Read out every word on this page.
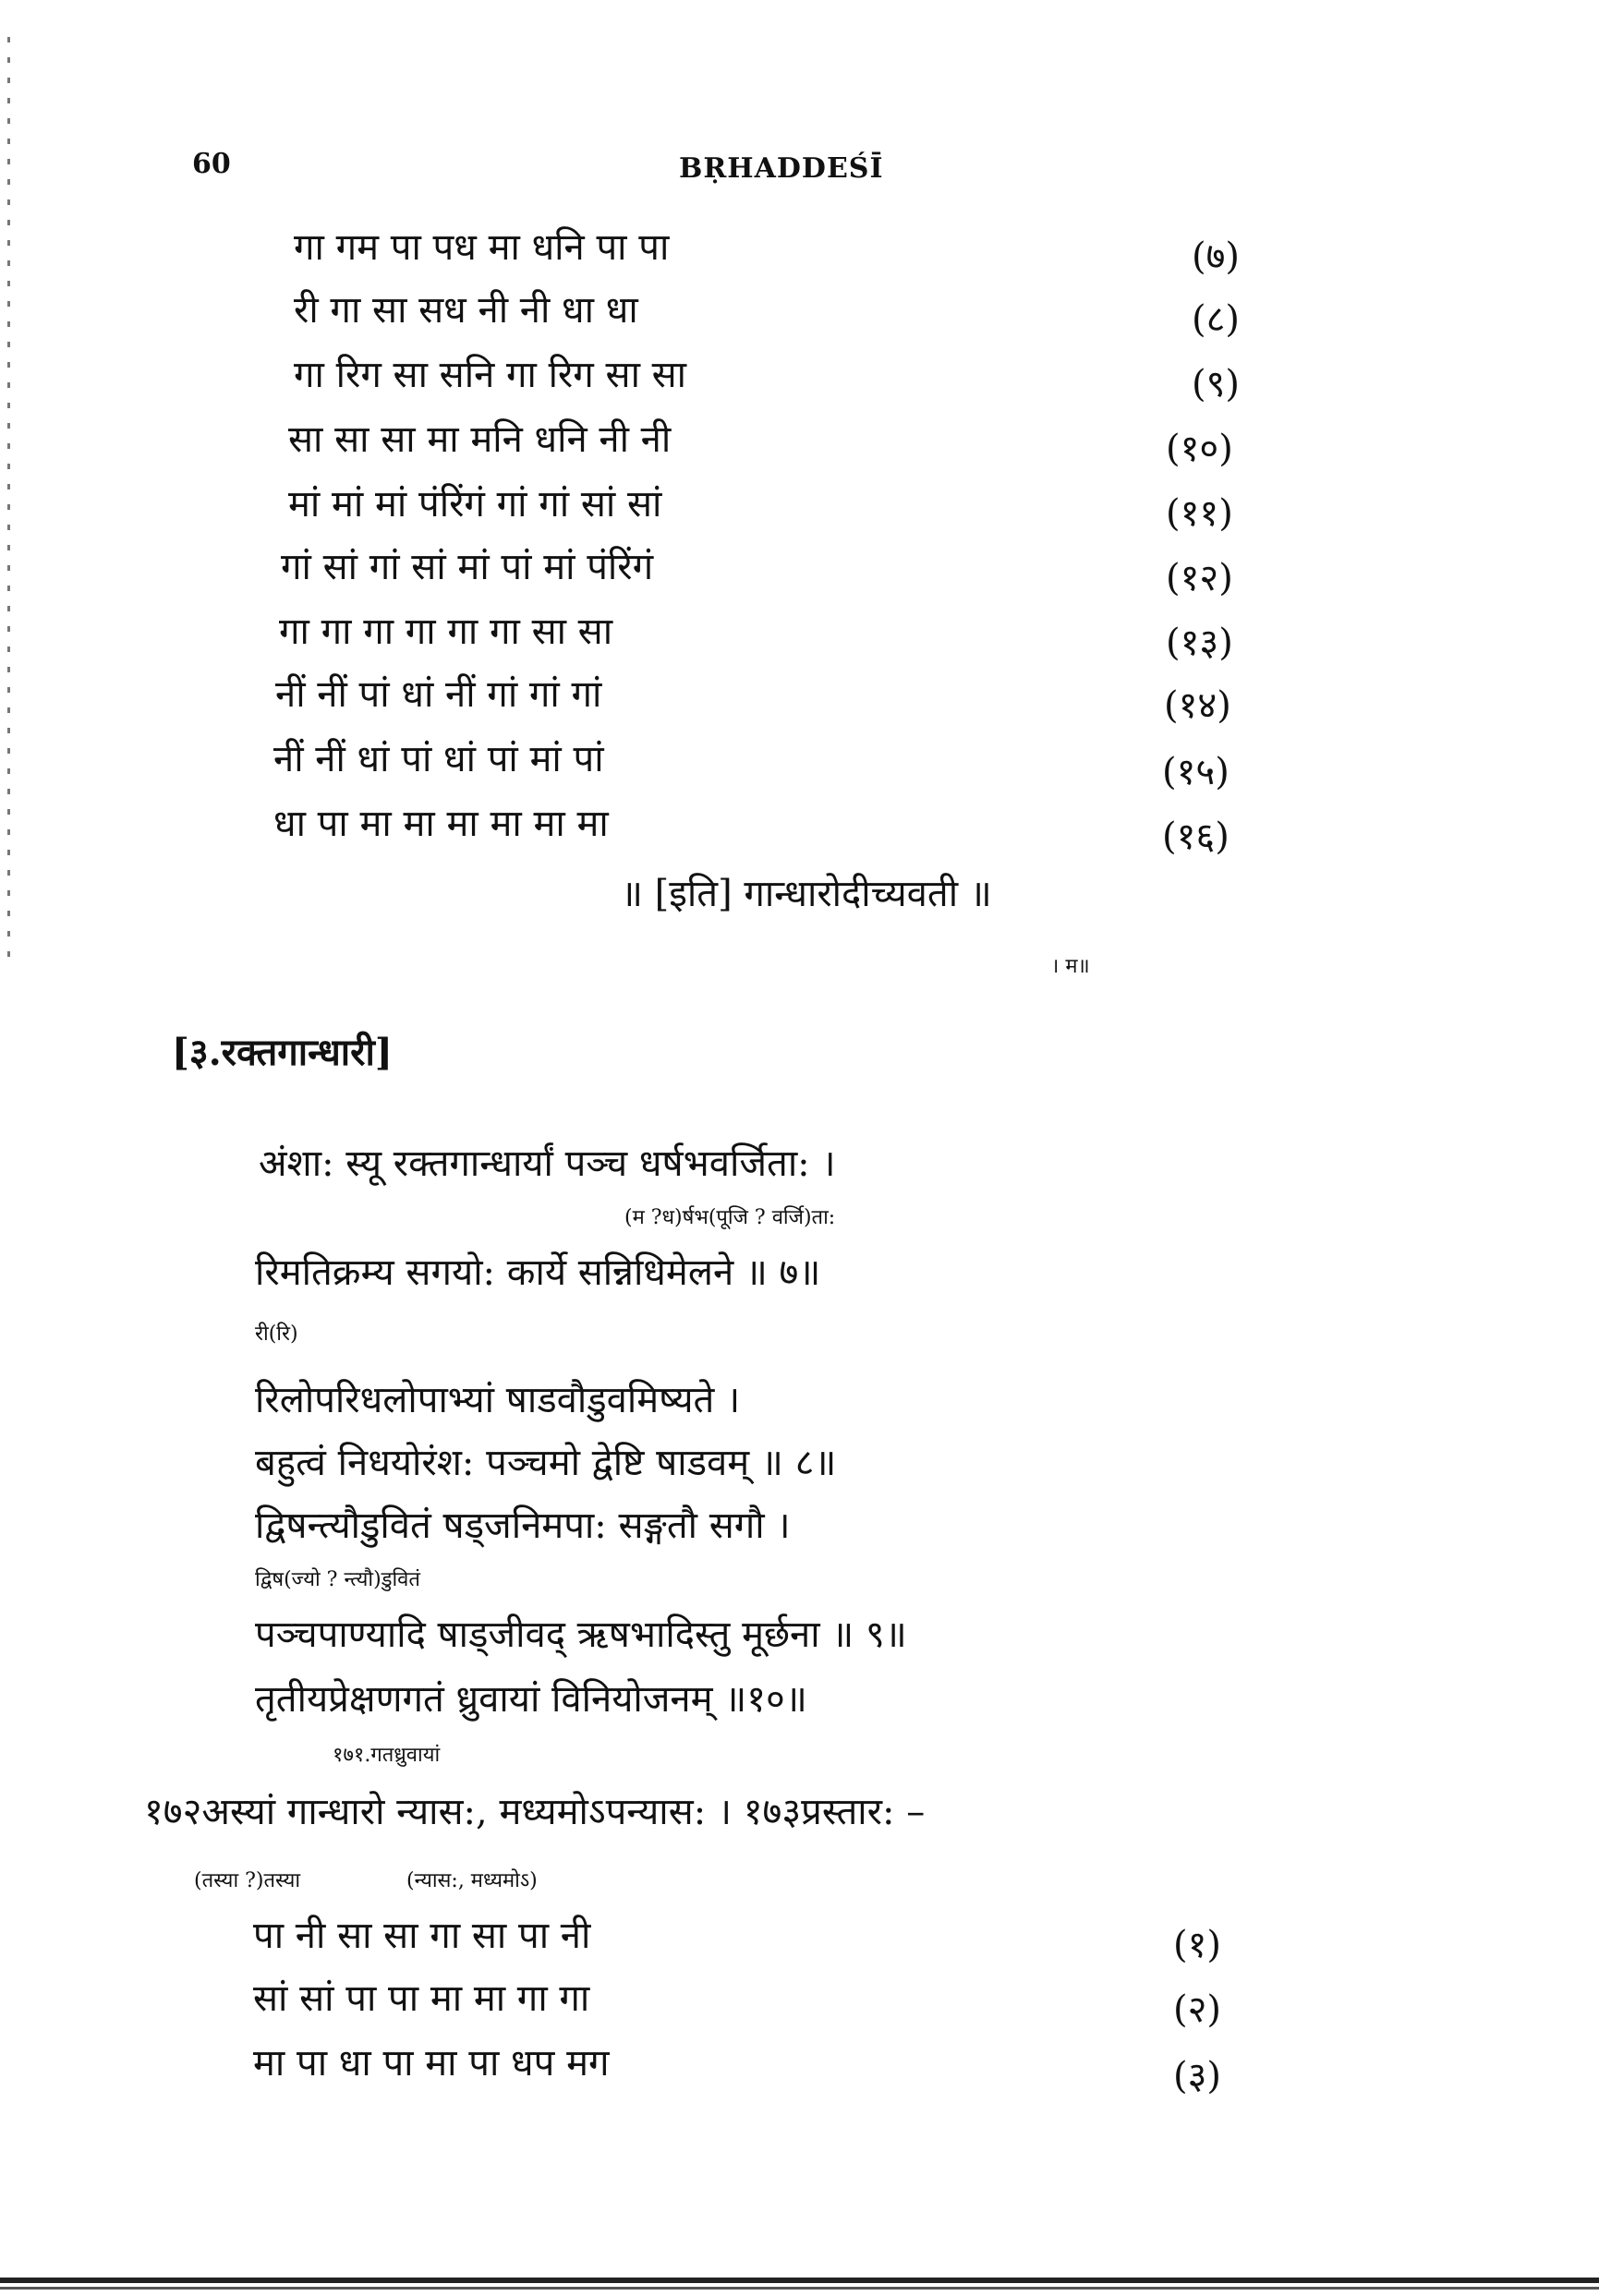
60	BṚHADDEŚĪ
गा गम पा पध मा धनि पा पा	(७)
री गा सा सध नी नी धा धा	(८)
गा रिग सा सनि गा रिग सा सा	(९)
सा सा सा मा मनि धनि नी नी	(१०)
मां मां मां पंरिंगं गां गां सां सां	(११)
गां सां गां सां मां पां मां पंरिंगं	(१२)
गा गा गा गा गा गा सा सा	(१३)
नीं नीं पां धां नीं गां गां गां	(१४)
नीं नीं धां पां धां पां मां पां	(१५)
धा पा मा मा मा मा मा मा	(१६)
॥ [इति] गान्धारोदीच्यवती ॥
। म॥
[३.रक्तगान्धारी]
अंशा: स्यू रक्तगान्धार्यां पञ्च धर्षभवर्जिता: ।
(म ?ध)र्षभ(पूजि ? वर्जि)ता:
रिमतिक्रम्य सगयो: कार्ये सन्निधिमेलने ॥ ७॥
री(रि)
रिलोपरिधलोपाभ्यां षाडवौडुवमिष्यते ।
बहुत्वं निधयोरंश: पञ्चमो द्वेष्टि षाडवम् ॥ ८॥
द्विषन्त्यौडुवितं षड्जनिमपा: सङ्गतौ सगौ ।
द्विष(ज्यो ? न्त्यौ)डुवितं
पञ्चपाण्यादि षाड्जीवद् ऋषभादिस्तु मूर्छना ॥ ९॥
तृतीयप्रेक्षणगतं ध्रुवायां विनियोजनम् ॥१०॥
१७१.गतध्रुवायां
१७२अस्यां गान्धारो न्यास:, मध्यमोऽपन्यास: । १७३प्रस्तार: –
(तस्या ?)तस्या	(न्यास:, मध्यमोऽ)
पा नी सा सा गा सा पा नी	(१)
सां सां पा पा मा मा गा गा	(२)
मा पा धा पा मा पा धप मग	(३)
